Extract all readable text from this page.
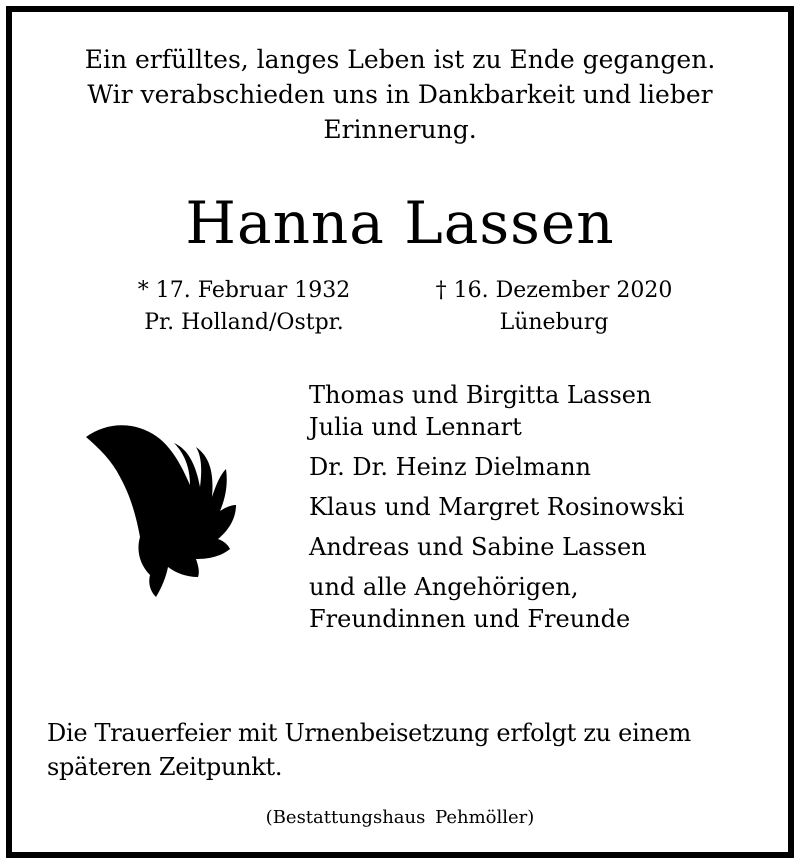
Ein erfülltes, langes Leben ist zu Ende gegangen.
Wir verabschieden uns in Dankbarkeit und lieber
Erinnerung.
Hanna Lassen
* 17. Februar 1932
Pr. Holland/Ostpr.
† 16. Dezember 2020
Lüneburg
Thomas und Birgitta Lassen
Julia und Lennart
Dr. Dr. Heinz Dielmann
Klaus und Margret Rosinowski
Andreas und Sabine Lassen
und alle Angehörigen,
Freundinnen und Freunde
Die Trauerfeier mit Urnenbeisetzung erfolgt zu einem
späteren Zeitpunkt.
(Bestattungshaus Pehmöller)
